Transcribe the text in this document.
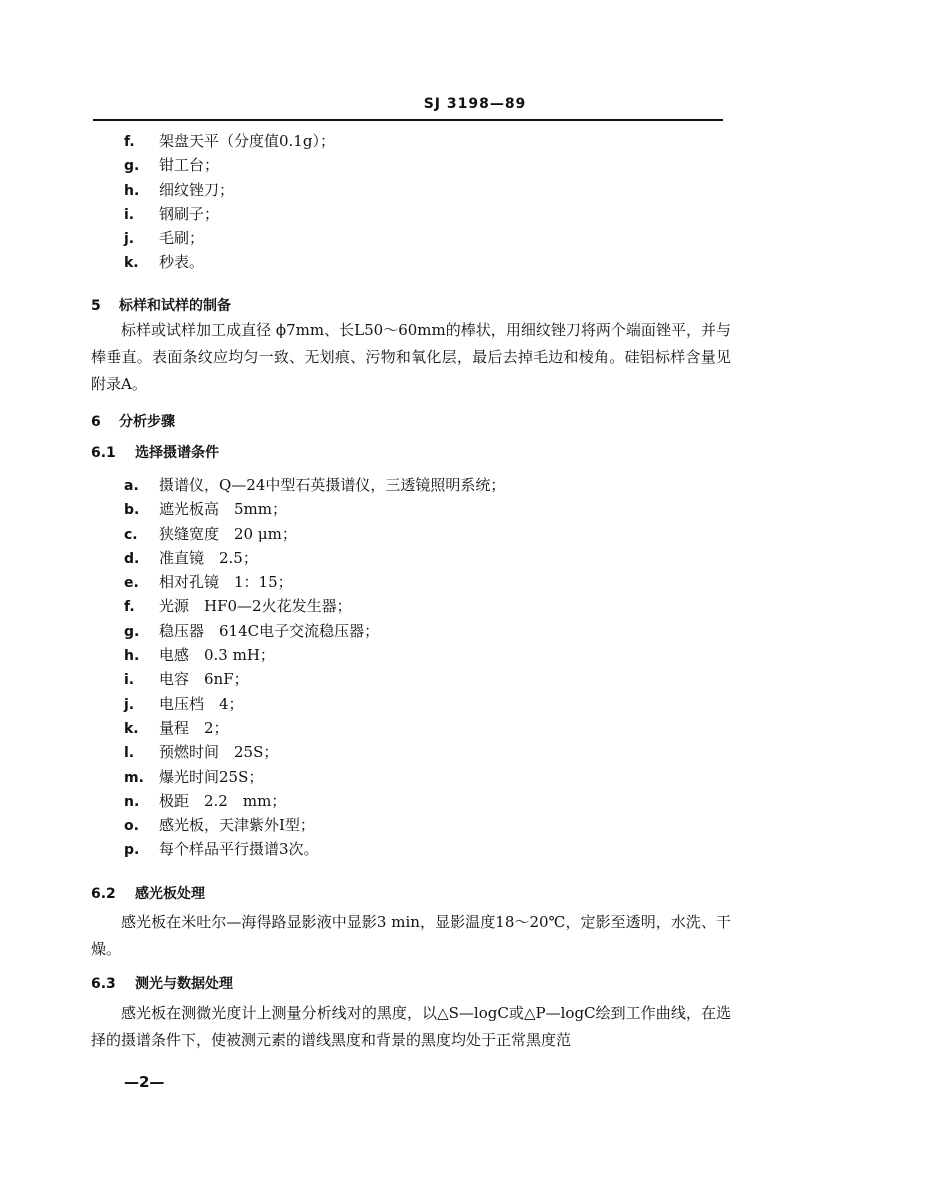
SJ 3198—89
f. 架盘天平（分度值0.1g）；
g. 钳工台；
h. 细纹锉刀；
i. 钢刷子；
j. 毛刷；
k. 秒表。
5 标样和试样的制备

标样或试样加工成直径 ϕ7mm、长L50～60mm的棒状，用细纹锉刀将两个端面锉平，并与棒垂直。表面条纹应均匀一致、无划痕、污物和氧化层，最后去掉毛边和棱角。硅铝标样含量见附录A。

6 分析步骤
6.1 选择摄谱条件
a. 摄谱仪，Q—24中型石英摄谱仪，三透镜照明系统；
b. 遮光板高　5mm；
c. 狭缝宽度　20 μm；
d. 准直镜　2.5；
e. 相对孔镜　1：15；
f. 光源　HF0—2火花发生器；
g. 稳压器　614C电子交流稳压器；
h. 电感　0.3 mH；
i. 电容　6nF；
j. 电压档　4；
k. 量程　2；
l. 预燃时间　25S；
m. 爆光时间25S；
n. 极距　2.2　mm；
o. 感光板，天津紫外Ⅰ型；
p. 每个样品平行摄谱3次。
6.2 感光板处理

感光板在米吐尔—海得路显影液中显影3 min，显影温度18～20℃，定影至透明，水洗、干燥。

6.3 测光与数据处理

感光板在测微光度计上测量分析线对的黑度，以△S—logC或△P—logC绘到工作曲线，在选择的摄谱条件下，使被测元素的谱线黑度和背景的黑度均处于正常黑度范

—2—
